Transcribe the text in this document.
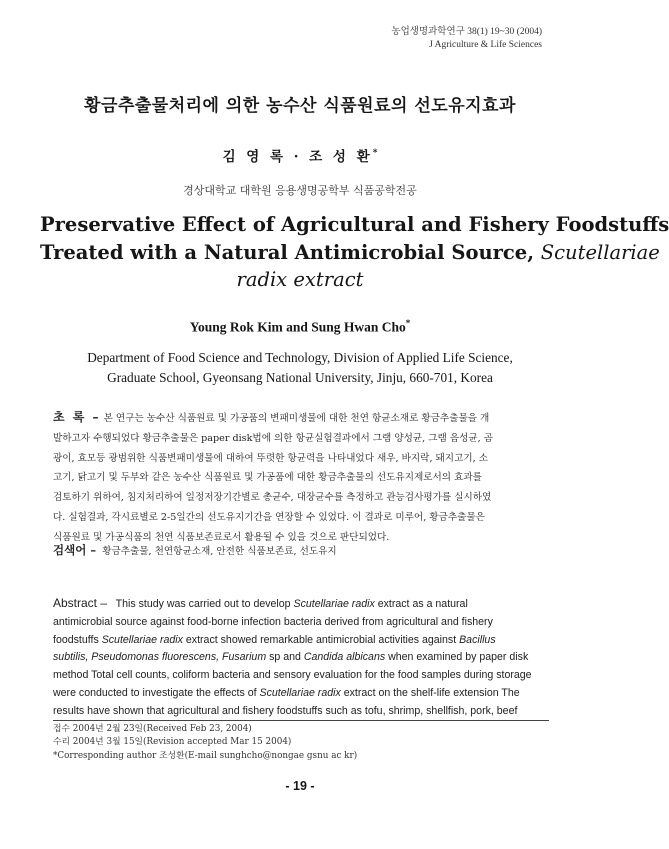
농업생명과학연구 38(1) 19~30 (2004)
J Agriculture & Life Sciences
황금추출물처리에 의한 농수산 식품원료의 선도유지효과
김 영 록 · 조 성 환*
경상대학교 대학원 응용생명공학부 식품공학전공
Preservative Effect of Agricultural and Fishery Foodstuffs
Treated with a Natural Antimicrobial Source, Scutellariae
radix extract
Young Rok Kim and Sung Hwan Cho*
Department of Food Science and Technology, Division of Applied Life Science,
Graduate School, Gyeonsang National University, Jinju, 660-701, Korea
초 록 – 본 연구는 농수산 식품원료 및 가공품의 변패미생물에 대한 천연 항균소재로 황금추출물을 개
발하고자 수행되었다 황금추출물은 paper disk법에 의한 항균실험결과에서 그램 양성균, 그램 음성균, 곰
광이, 효모등 광범위한 식품변패미생물에 대하여 뚜렷한 항균력을 나타내었다 새우, 바지락, 돼지고기, 소
고기, 닭고기 및 두부와 같은 농수산 식품원료 및 가공품에 대한 황금추출물의 선도유지제로서의 효과를
검토하기 위하여, 침지처리하여 일정저장기간별로 총균수, 대장균수를 측정하고 관능검사평가를 실시하였
다. 실험결과, 각시료별로 2-5일간의 선도유지기간을 연장할 수 있었다. 이 결과로 미루어, 황금추출물은
식품원료 및 가공식품의 천연 식품보존료로서 활용될 수 있을 것으로 판단되었다.
검색어 – 황금추출물, 천연항균소재, 안전한 식품보존료, 선도유지
Abstract – This study was carried out to develop Scutellariae radix extract as a natural
antimicrobial source against food-borne infection bacteria derived from agricultural and fishery
foodstuffs Scutellariae radix extract showed remarkable antimicrobial activities against Bacillus
subtilis, Pseudomonas fluorescens, Fusarium sp and Candida albicans when examined by paper disk
method Total cell counts, coliform bacteria and sensory evaluation for the food samples during storage
were conducted to investigate the effects of Scutellariae radix extract on the shelf-life extension The
results have shown that agricultural and fishery foodstuffs such as tofu, shrimp, shellfish, pork, beef
접수 2004년 2월 23일(Received Feb 23, 2004)
수리 2004년 3월 15일(Revision accepted Mar 15 2004)
*Corresponding author 조성환(E-mail sunghcho@nongae gsnu ac kr)
- 19 -
